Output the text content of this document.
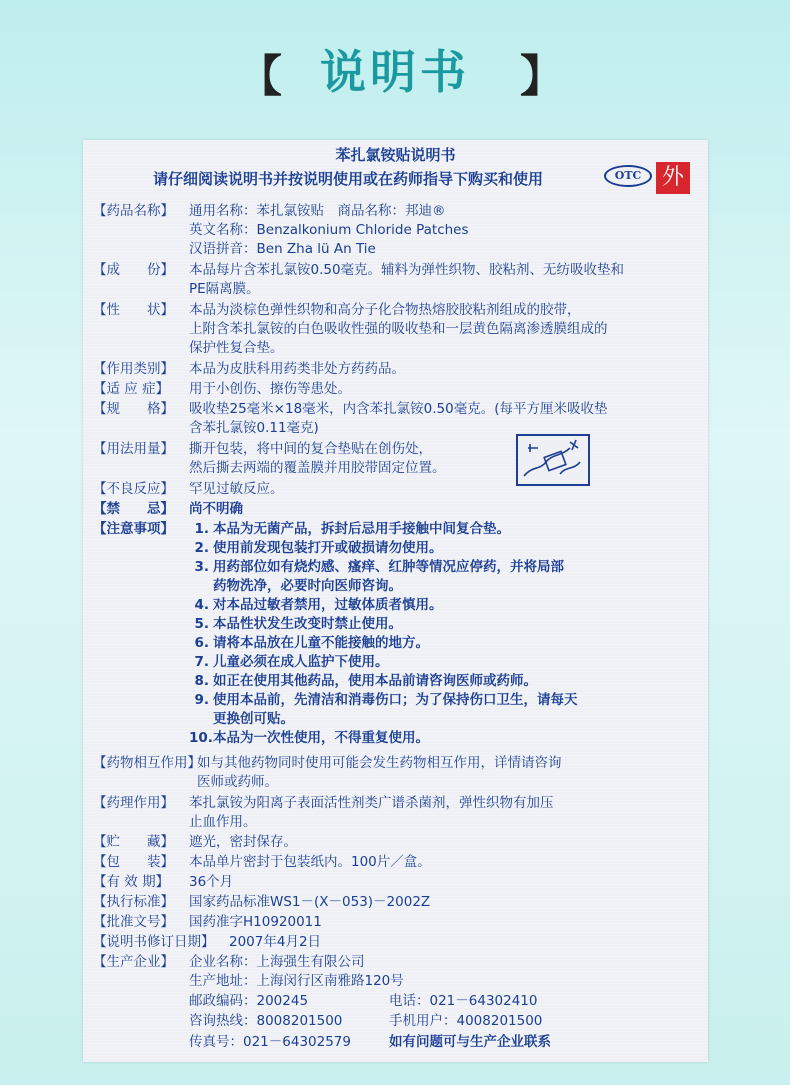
【 说明书	】
苯扎氯铵贴说明书
请仔细阅读说明书并按说明使用或在药师指导下购买和使用	OTC 外
【药品名称】	通用名称：苯扎氯铵贴　商品名称：邦迪®
英文名称：Benzalkonium Chloride Patches
汉语拼音：Ben Zha lü An Tie
【成　　份】	本品每片含苯扎氯铵0.50毫克。辅料为弹性织物、胶粘剂、无纺吸收垫和
PE隔离膜。
【性　　状】	本品为淡棕色弹性织物和高分子化合物热熔胶胶粘剂组成的胶带，
上附含苯扎氯铵的白色吸收性强的吸收垫和一层黄色隔离渗透膜组成的
保护性复合垫。
【作用类别】	本品为皮肤科用药类非处方药药品。
【适 应 症】	用于小创伤、擦伤等患处。
【规　　格】	吸收垫25毫米×18毫米，内含苯扎氯铵0.50毫克。(每平方厘米吸收垫
含苯扎氯铵0.11毫克)
【用法用量】	撕开包装，将中间的复合垫贴在创伤处，
然后撕去两端的覆盖膜并用胶带固定位置。
【不良反应】	罕见过敏反应。
【禁　　忌】	尚不明确
【注意事项】	1. 本品为无菌产品，拆封后忌用手接触中间复合垫。
2. 使用前发现包装打开或破损请勿使用。
3. 用药部位如有烧灼感、瘙痒、红肿等情况应停药，并将局部
药物洗净，必要时向医师咨询。
4. 对本品过敏者禁用，过敏体质者慎用。
5. 本品性状发生改变时禁止使用。
6. 请将本品放在儿童不能接触的地方。
7. 儿童必须在成人监护下使用。
8. 如正在使用其他药品，使用本品前请咨询医师或药师。
9. 使用本品前，先清洁和消毒伤口；为了保持伤口卫生，请每天
更换创可贴。
10.本品为一次性使用，不得重复使用。
【药物相互作用】
如与其他药物同时使用可能会发生药物相互作用，详情请咨询
医师或药师。
【药理作用】	苯扎氯铵为阳离子表面活性剂类广谱杀菌剂，弹性织物有加压
止血作用。
【贮　　藏】	遮光，密封保存。
【包　　装】	本品单片密封于包装纸内。100片／盒。
【有 效 期】	36个月
【执行标准】	国家药品标准WS1－(X－053)－2002Z
【批准文号】	国药准字H10920011
【说明书修订日期】 2007年4月2日
【生产企业】	企业名称：上海强生有限公司
生产地址：上海闵行区南雅路120号
邮政编码：200245	电话：021－64302410
咨询热线：8008201500	手机用户：4008201500
传真号：021－64302579	如有问题可与生产企业联系
